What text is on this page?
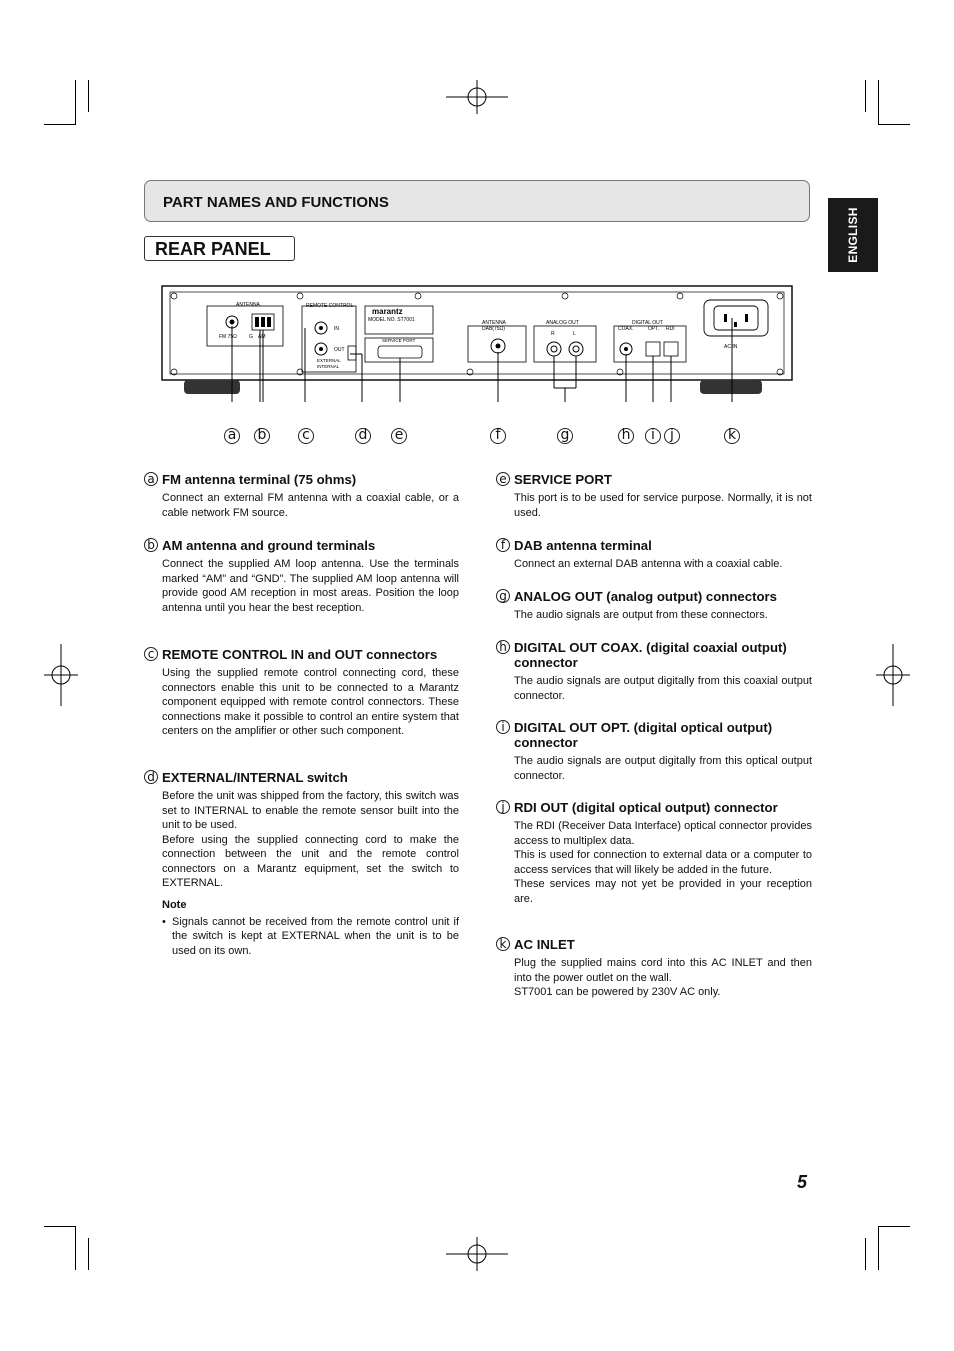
PART NAMES AND FUNCTIONS
REAR PANEL	ENGLISH
ANTENNA
FM 75Ω G AM
REMOTE CONTROL
IN
OUT
EXTERNAL
INTERNAL
marantz
MODEL NO. ST7001
SERVICE PORT
ANTENNA
DAB(75Ω)
ANALOG OUT
R	L
DIGITAL OUT
COAX.	OPT. RDI
AC IN
a b	c	d e	f	g	h	i	j	k
a FM antenna terminal (75 ohms)

Connect an external FM antenna with a coaxial cable, or a cable network FM source.

b AM antenna and ground terminals

Connect the supplied AM loop antenna. Use the terminals marked “AM” and “GND”. The supplied AM loop antenna will provide good AM reception in most areas. Position the loop antenna until you hear the best reception.

c REMOTE CONTROL IN and OUT connectors

Using the supplied remote control connecting cord, these connectors enable this unit to be connected to a Marantz component equipped with remote control connectors. These connections make it possible to control an entire system that centers on the amplifier or other such component.

d EXTERNAL/INTERNAL switch

Before the unit was shipped from the factory, this switch was set to INTERNAL to enable the remote sensor built into the unit to be used.

Before using the supplied connecting cord to make the connection between the unit and the remote control connectors on a Marantz equipment, set the switch to EXTERNAL.

Note
• Signals cannot be received from the remote control unit if the switch is kept at EXTERNAL when the unit is to be used on its own.
e SERVICE PORT

This port is to be used for service purpose. Normally, it is not used.

f DAB antenna terminal

Connect an external DAB antenna with a coaxial cable.

g ANALOG OUT (analog output) connectors

The audio signals are output from these connectors.

h DIGITAL OUT COAX. (digital coaxial output) connector

The audio signals are output digitally from this coaxial output connector.

i DIGITAL OUT OPT. (digital optical output) connector

The audio signals are output digitally from this optical output connector.

j RDI OUT (digital optical output) connector

The RDI (Receiver Data Interface) optical connector provides access to multiplex data.

This is used for connection to external data or a computer to access services that will likely be added in the future.

These services may not yet be provided in your reception are.

k AC INLET

Plug the supplied mains cord into this AC INLET and then into the power outlet on the wall.

ST7001 can be powered by 230V AC only.

5
